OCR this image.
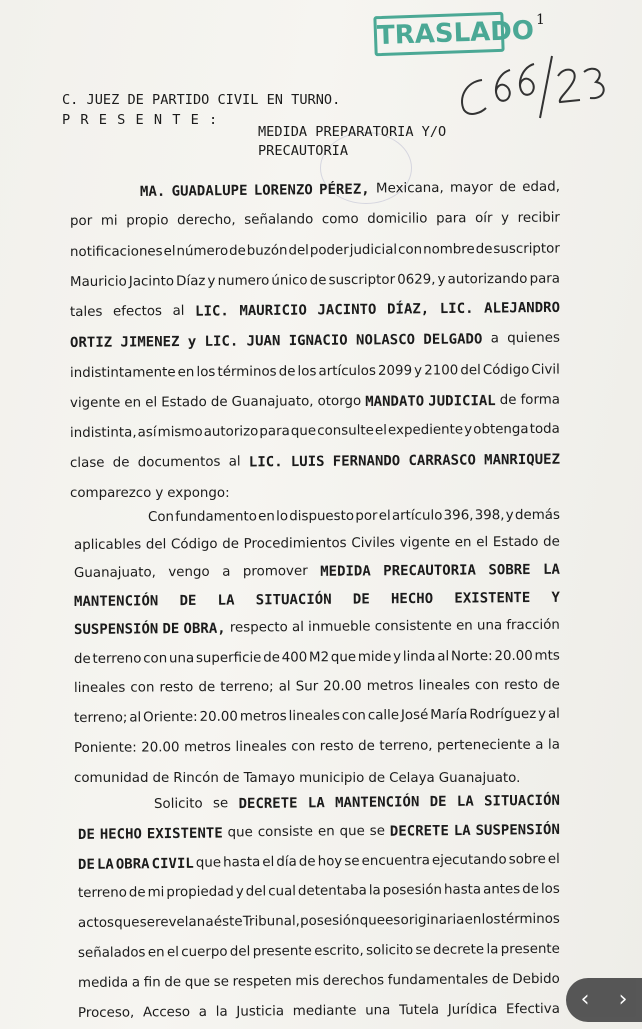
TRASLADO 1
C. JUEZ DE PARTIDO CIVIL EN TURNO.
P R E S E N T E :
MEDIDA PREPARATORIA Y/O
PRECAUTORIA
MA. GUADALUPE LORENZO PÉREZ, Mexicana, mayor de edad,
por mi propio derecho, señalando como domicilio para oír y recibir
notificaciones el número de buzón del poder judicial con nombre de suscriptor
Mauricio Jacinto Díaz y numero único de suscriptor 0629, y autorizando para
tales efectos al LIC. MAURICIO JACINTO DÍAZ, LIC. ALEJANDRO
ORTIZ JIMENEZ y LIC. JUAN IGNACIO NOLASCO DELGADO a quienes
indistintamente en los términos de los artículos 2099 y 2100 del Código Civil
vigente en el Estado de Guanajuato, otorgo MANDATO JUDICIAL de forma
indistinta, así mismo autorizo para que consulte el expediente y obtenga toda
clase de documentos al LIC. LUIS FERNANDO CARRASCO MANRIQUEZ
comparezco y expongo:
Con fundamento en lo dispuesto por el artículo 396, 398, y demás
aplicables del Código de Procedimientos Civiles vigente en el Estado de
Guanajuato, vengo a promover MEDIDA PRECAUTORIA SOBRE LA
MANTENCIÓN DE LA SITUACIÓN DE HECHO EXISTENTE Y
SUSPENSIÓN DE OBRA, respecto al inmueble consistente en una fracción
de terreno con una superficie de 400 M2 que mide y linda al Norte: 20.00 mts
lineales con resto de terreno; al Sur 20.00 metros lineales con resto de
terreno; al Oriente: 20.00 metros lineales con calle José María Rodríguez y al
Poniente: 20.00 metros lineales con resto de terreno, perteneciente a la
comunidad de Rincón de Tamayo municipio de Celaya Guanajuato.
Solicito se DECRETE LA MANTENCIÓN DE LA SITUACIÓN
DE HECHO EXISTENTE que consiste en que se DECRETE LA SUSPENSIÓN
DE LA OBRA CIVIL que hasta el día de hoy se encuentra ejecutando sobre el
terreno de mi propiedad y del cual detentaba la posesión hasta antes de los
actos que se revelan a éste Tribunal, posesión que es originaria en los términos
señalados en el cuerpo del presente escrito, solicito se decrete la presente
medida a fin de que se respeten mis derechos fundamentales de Debido
Proceso, Acceso a la Justicia mediante una Tutela Jurídica Efectiva ‹ ›
